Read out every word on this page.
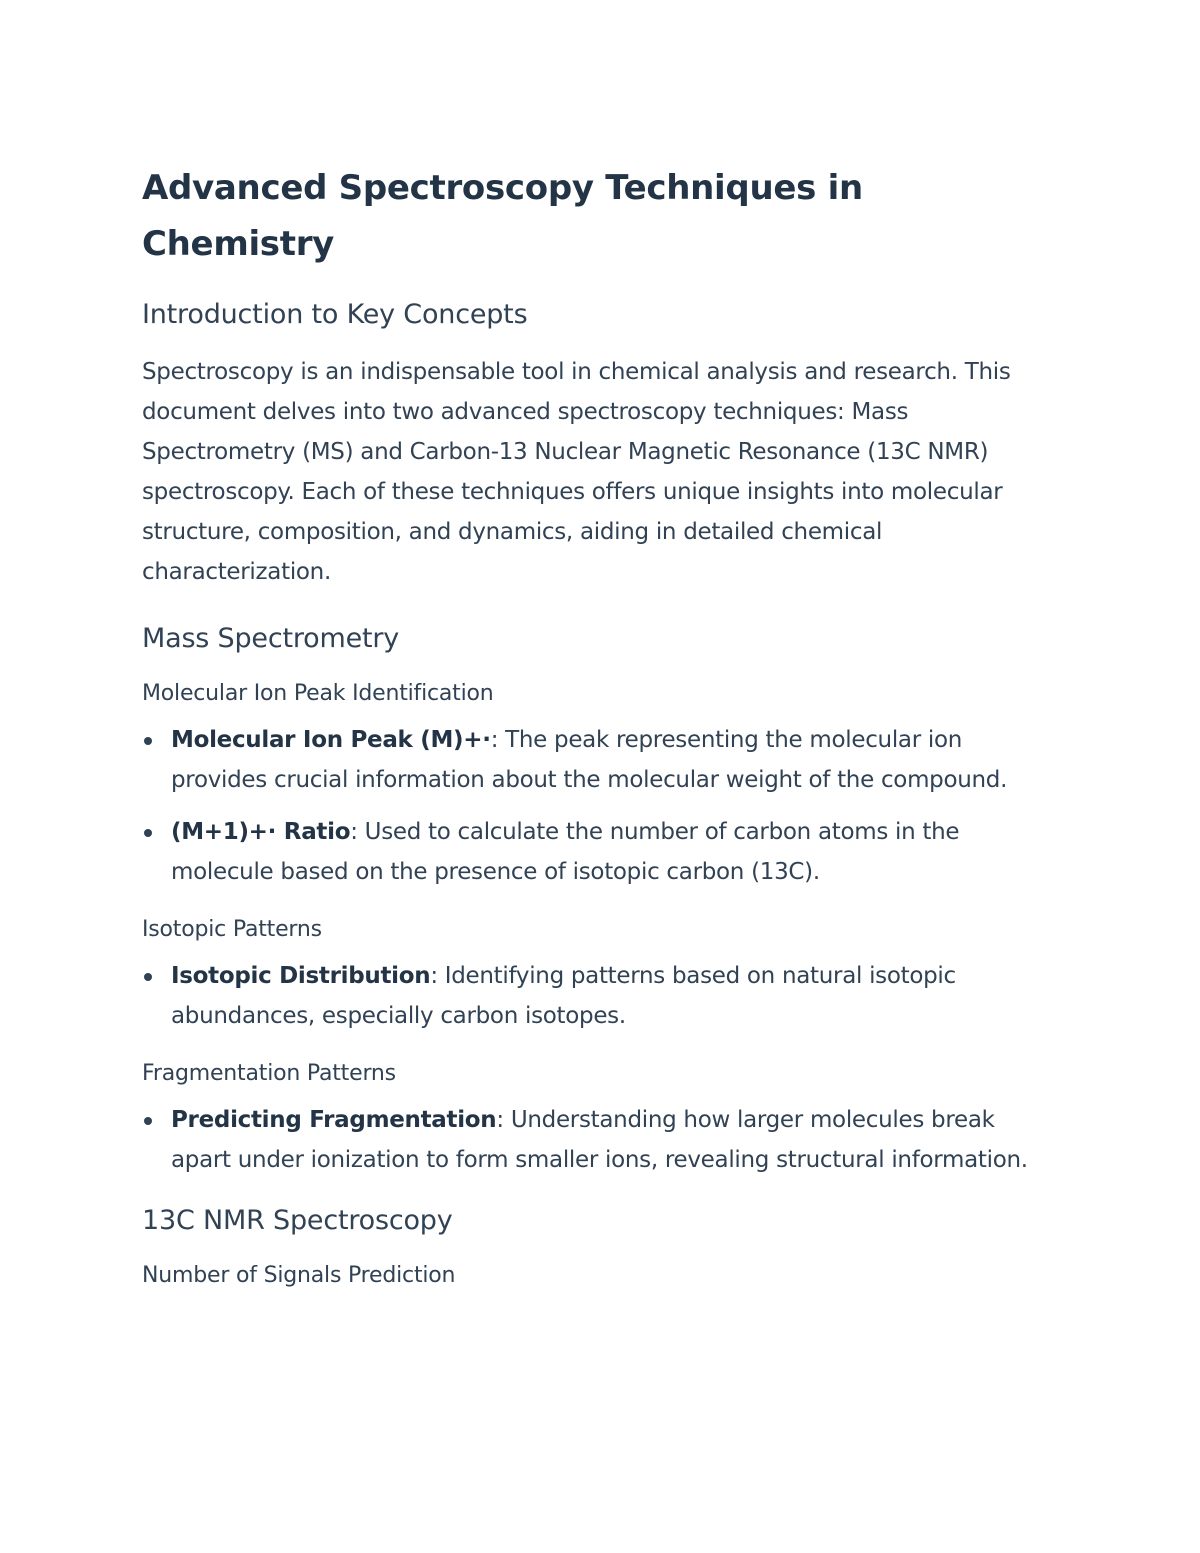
Advanced Spectroscopy Techniques in Chemistry
Introduction to Key Concepts

Spectroscopy is an indispensable tool in chemical analysis and research. This document delves into two advanced spectroscopy techniques: Mass Spectrometry (MS) and Carbon-13 Nuclear Magnetic Resonance (13C NMR) spectroscopy. Each of these techniques offers unique insights into molecular structure, composition, and dynamics, aiding in detailed chemical characterization.

Mass Spectrometry
Molecular Ion Peak Identification
Molecular Ion Peak (M)+·: The peak representing the molecular ion provides crucial information about the molecular weight of the compound.
(M+1)+· Ratio: Used to calculate the number of carbon atoms in the molecule based on the presence of isotopic carbon (13C).
Isotopic Patterns
Isotopic Distribution: Identifying patterns based on natural isotopic abundances, especially carbon isotopes.
Fragmentation Patterns
Predicting Fragmentation: Understanding how larger molecules break apart under ionization to form smaller ions, revealing structural information.
13C NMR Spectroscopy
Number of Signals Prediction
